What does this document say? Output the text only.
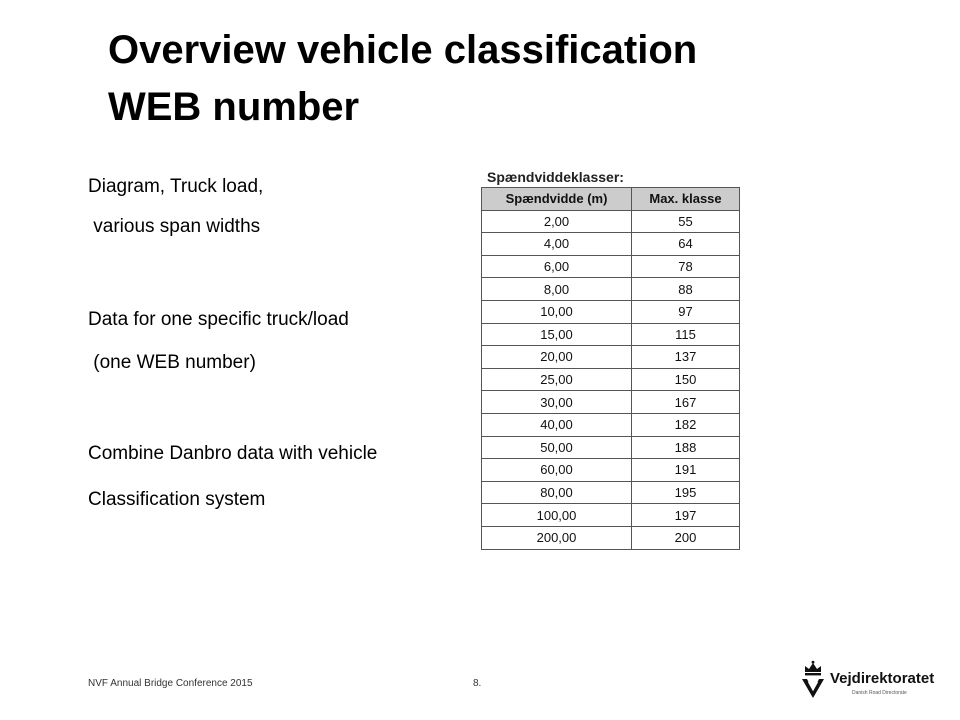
Overview vehicle classification
WEB number
Diagram, Truck load,
various span widths
Data for one specific truck/load
(one WEB number)
Combine Danbro data with vehicle
Classification system
Spændviddeklasser:
Spændvidde (m)	Max. klasse
2,00	55
4,00	64
6,00	78
8,00	88
10,00	97
15,00	115
20,00	137
25,00	150
30,00	167
40,00	182
50,00	188
60,00	191
80,00	195
100,00	197
200,00	200
NVF Annual Bridge Conference 2015	8.	Vejdirektoratet
Danish Road Directorate
